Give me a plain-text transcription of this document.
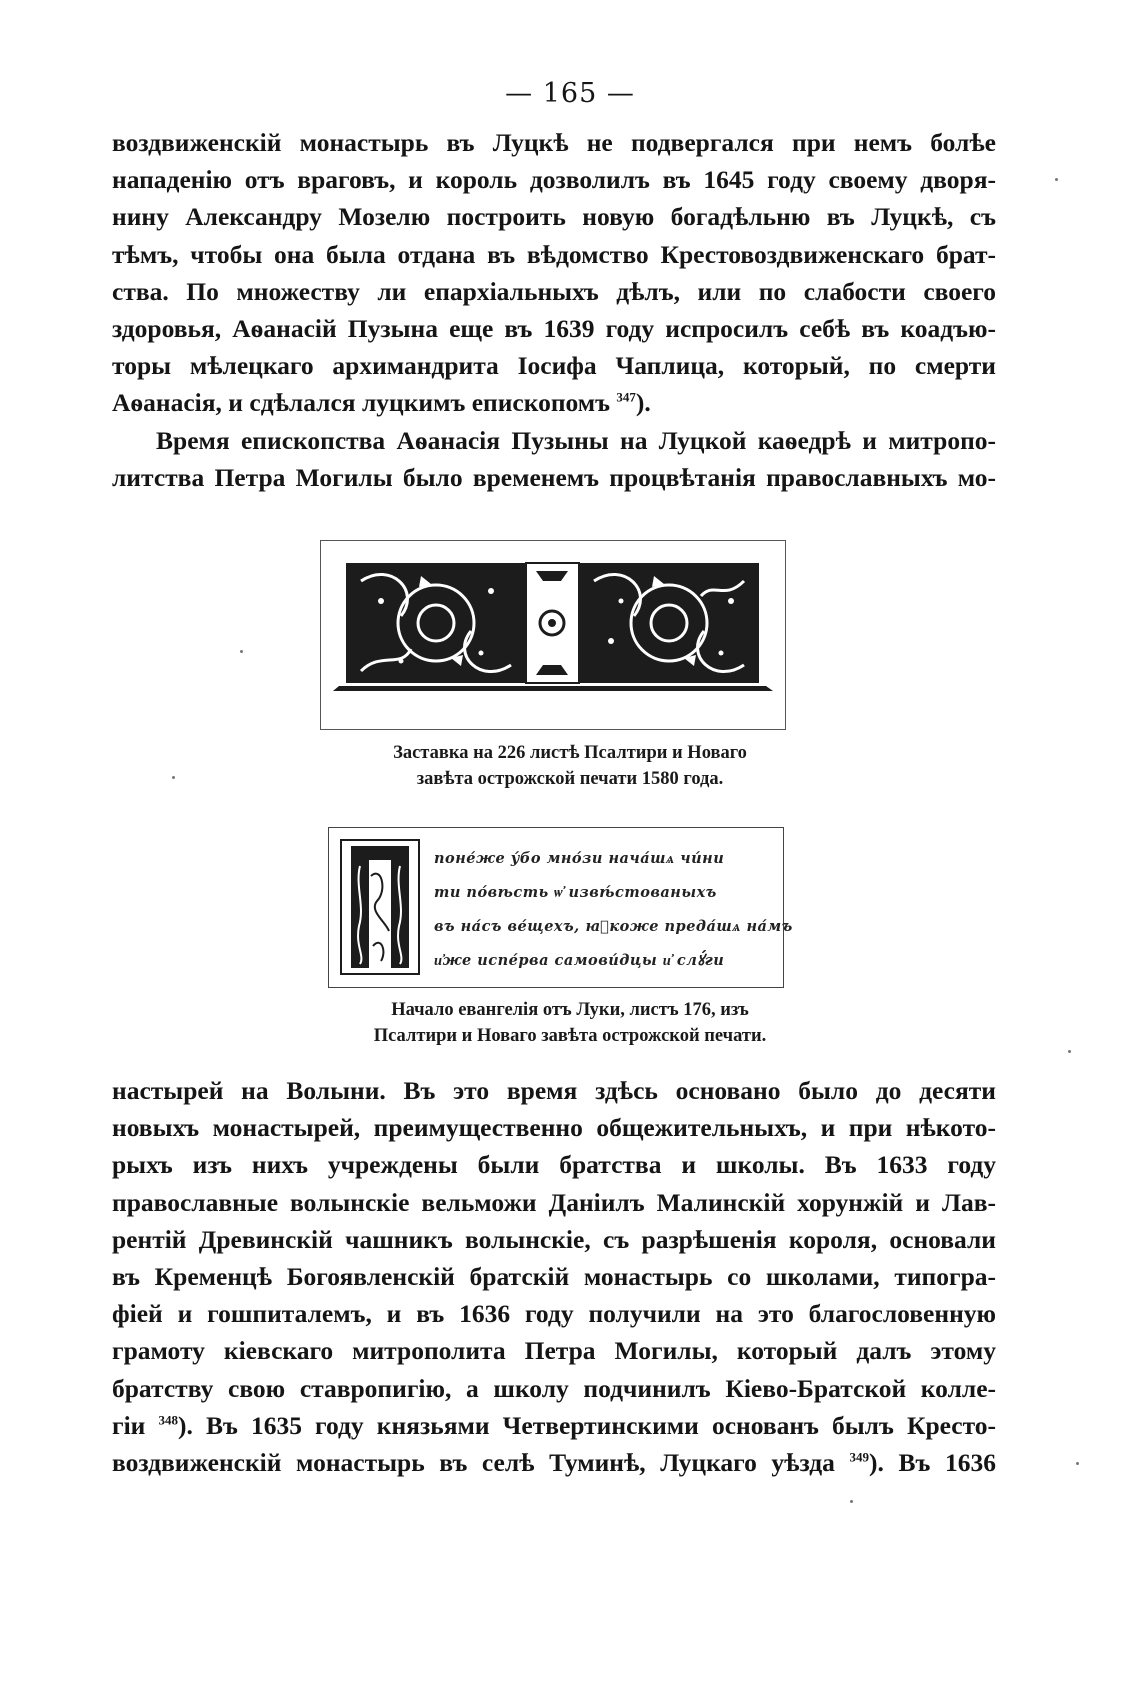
— 165 —
воздвиженскій монастырь въ Луцкѣ не подвергался при немъ болѣе
нападенію отъ враговъ, и король дозволилъ въ 1645 году своему дворя-
нину Александру Мозелю построить новую богадѣльню въ Луцкѣ, съ
тѣмъ, чтобы она была отдана въ вѣдомство Крестовоздвиженскаго брат-
ства. По множеству ли епархіальныхъ дѣлъ, или по слабости своего
здоровья, Аѳанасій Пузына еще въ 1639 году испросилъ себѣ въ коадъю-
торы мѣлецкаго архимандрита Іосифа Чаплица, который, по смерти
Аѳанасія, и сдѣлался луцкимъ епископомъ $^{347}$).
Время епископства Аѳанасія Пузыны на Луцкой каѳедрѣ и митропо-
литства Петра Могилы было временемъ процвѣтанія православныхъ мо-
Заставка на 226 листѣ Псалтири и Новаго
завѣта острожской печати 1580 года.
поне́же у́бо мно́зи нача́шѧ чи́ни
ти по́вѣсть ѡ҆ извѣ́стованыхъ
въ на́съ ве́щехъ, ꙗ҆коже преда́шѧ на́мъ
и҆же испе́рва самови́дцы и҆ слꙋ́ги
Начало евангелія отъ Луки, листъ 176, изъ
Псалтири и Новаго завѣта острожской печати.
настырей на Волыни. Въ это время здѣсь основано было до десяти
новыхъ монастырей, преимущественно общежительныхъ, и при нѣкото-
рыхъ изъ нихъ учреждены были братства и школы. Въ 1633 году
православные волынскіе вельможи Даніилъ Малинскій хорунжій и Лав-
рентій Древинскій чашникъ волынскіе, съ разрѣшенія короля, основали
въ Кременцѣ Богоявленскій братскій монастырь со школами, типогра-
фіей и гошпиталемъ, и въ 1636 году получили на это благословенную
грамоту кіевскаго митрополита Петра Могилы, который далъ этому
братству свою ставропигію, а школу подчинилъ Кіево-Братской колле-
гіи $^{348}$). Въ 1635 году князьями Четвертинскими основанъ былъ Кресто-
воздвиженскій монастырь въ селѣ Туминѣ, Луцкаго уѣзда $^{349}$). Въ 1636
